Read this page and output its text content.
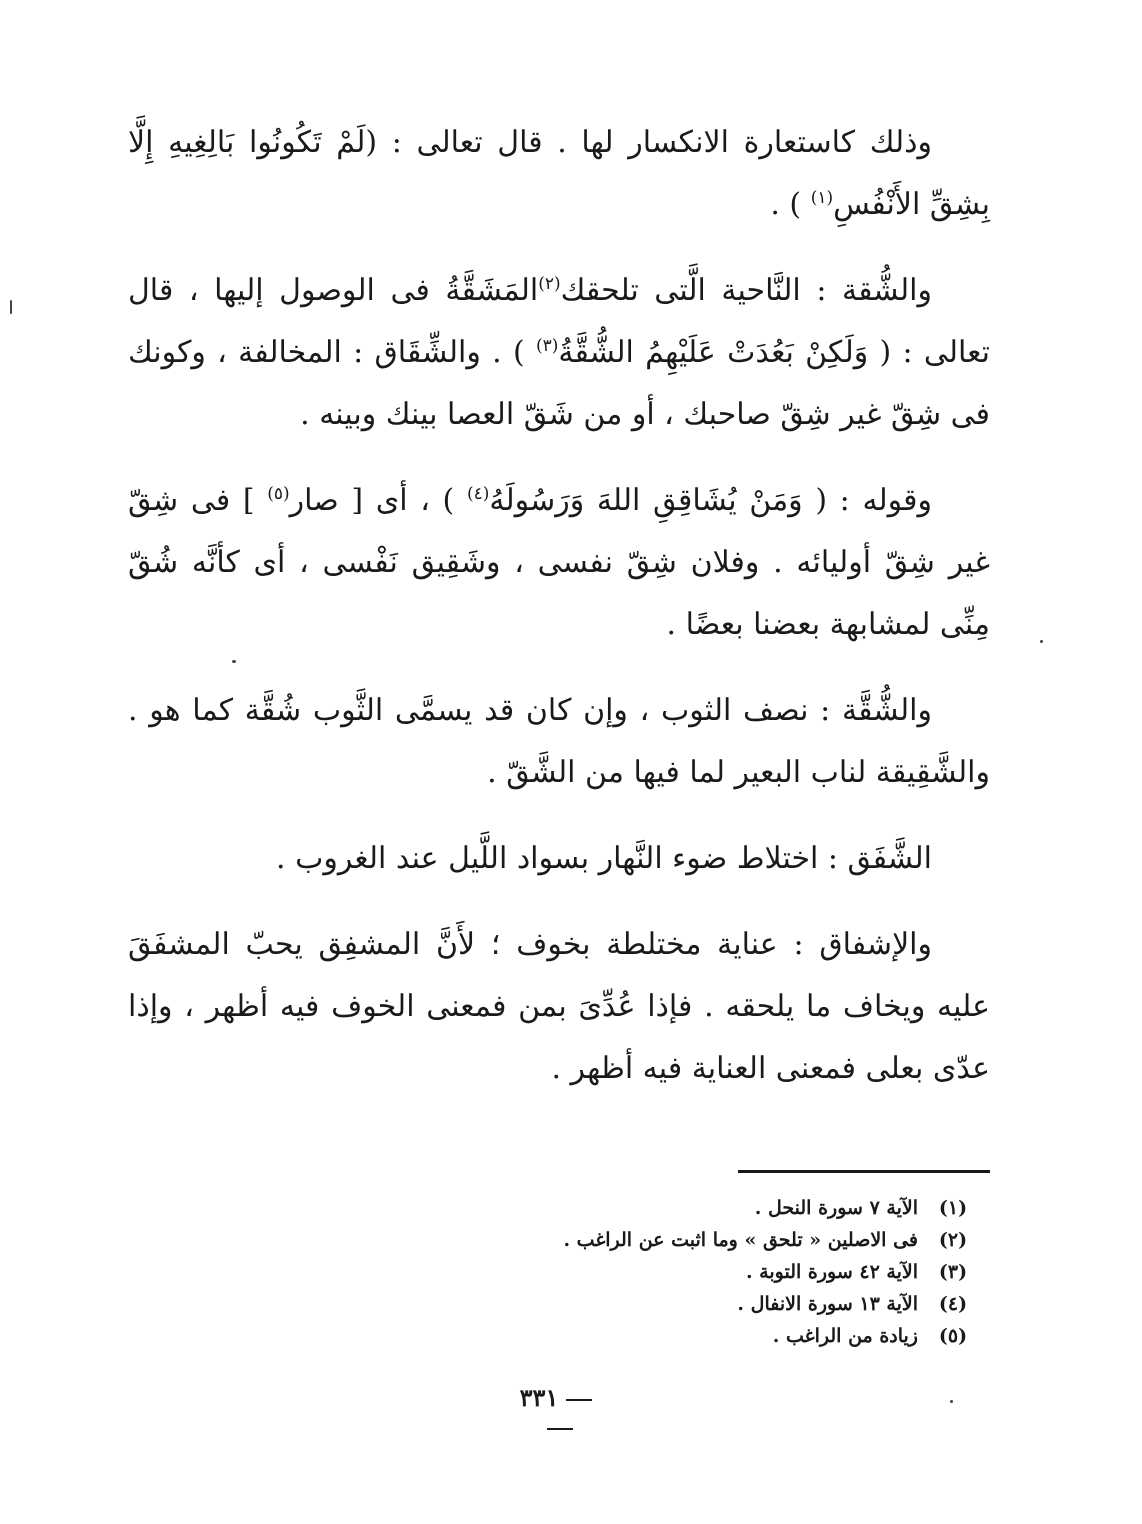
وذلك كاستعارة الانكسار لها . قال تعالى : (لَمْ تَكُونُوا بَالِغِيهِ إِلَّا بِشِقِّ الأَنْفُسِ$^{(١)}$ ) .

والشُّقة : النَّاحية الَّتى تلحقك$^{(٢)}$المَشَقَّةُ فى الوصول إليها ، قال تعالى : ( وَلَكِنْ بَعُدَتْ عَلَيْهِمُ الشُّقَّةُ$^{(٣)}$ ) . والشِّقَاق : المخالفة ، وكونك فى شِقّ غير شِقّ صاحبك ، أو من شَقّ العصا بينك وبينه .

وقوله : ( وَمَنْ يُشَاقِقِ اللهَ وَرَسُولَهُ$^{(٤)}$ ) ، أى [ صار$^{(٥)}$ ] فى شِقّ غير شِقّ أوليائه . وفلان شِقّ نفسى ، وشَقِيق نَفْسى ، أى كأنَّه شُقّ مِنِّى لمشابهة بعضنا بعضًا .

والشُّقَّة : نصف الثوب ، وإن كان قد يسمَّى الثَّوب شُقَّة كما هو . والشَّقِيقة لناب البعير لما فيها من الشَّقّ .

الشَّفَق : اختلاط ضوء النَّهار بسواد اللَّيل عند الغروب .

والإشفاق : عناية مختلطة بخوف ؛ لأَنَّ المشفِق يحبّ المشفَقَ عليه ويخاف ما يلحقه . فإذا عُدِّىَ بمن فمعنى الخوف فيه أظهر ، وإذا عدّى بعلى فمعنى العناية فيه أظهر .

(١)
الآية ٧ سورة النحل .
(٢)
فى الاصلين « تلحق » وما اثبت عن الراغب .
(٣)
الآية ٤٢ سورة التوبة .
(٤)
الآية ١٣ سورة الانفال .
(٥)
زيادة من الراغب .
٣٣١
